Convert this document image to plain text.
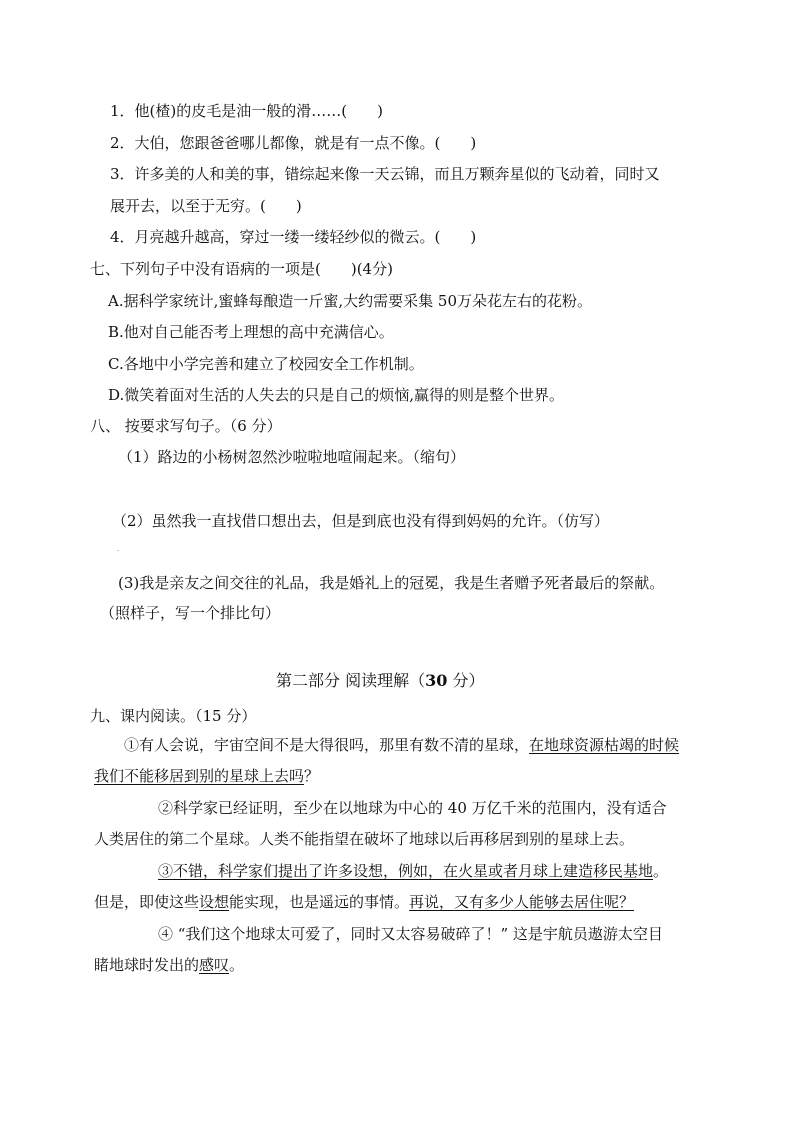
1．他(楂)的皮毛是油一般的滑……(　　)
2．大伯，您跟爸爸哪儿都像，就是有一点不像。(　　)
3．许多美的人和美的事，错综起来像一天云锦，而且万颗奔星似的飞动着，同时又
展开去，以至于无穷。(　　)
4．月亮越升越高，穿过一缕一缕轻纱似的微云。(　　)
七、下列句子中没有语病的一项是(　　)(4分)
A.据科学家统计,蜜蜂每酿造一斤蜜,大约需要采集 50万朵花左右的花粉。
B.他对自己能否考上理想的高中充满信心。
C.各地中小学完善和建立了校园安全工作机制。
D.微笑着面对生活的人失去的只是自己的烦恼,赢得的则是整个世界。
八、 按要求写句子。（6 分）
（1）路边的小杨树忽然沙啦啦地喧闹起来。（缩句）
（2）虽然我一直找借口想出去，但是到底也没有得到妈妈的允许。（仿写）
.
(3)我是亲友之间交往的礼品，我是婚礼上的冠冕，我是生者赠予死者最后的祭献。
（照样子，写一个排比句）
第二部分 阅读理解（30 分）
九、课内阅读。（15 分）
①有人会说，宇宙空间不是大得很吗，那里有数不清的星球，在地球资源枯竭的时候
我们不能移居到别的星球上去吗？
②科学家已经证明，至少在以地球为中心的 40 万亿千米的范围内，没有适合
人类居住的第二个星球。人类不能指望在破坏了地球以后再移居到别的星球上去。
③不错，科学家们提出了许多设想，例如，在火星或者月球上建造移民基地。
但是，即使这些设想能实现，也是遥远的事情。再说，又有多少人能够去居住呢？
④ “我们这个地球太可爱了，同时又太容易破碎了！” 这是宇航员遨游太空目
睹地球时发出的感叹。
